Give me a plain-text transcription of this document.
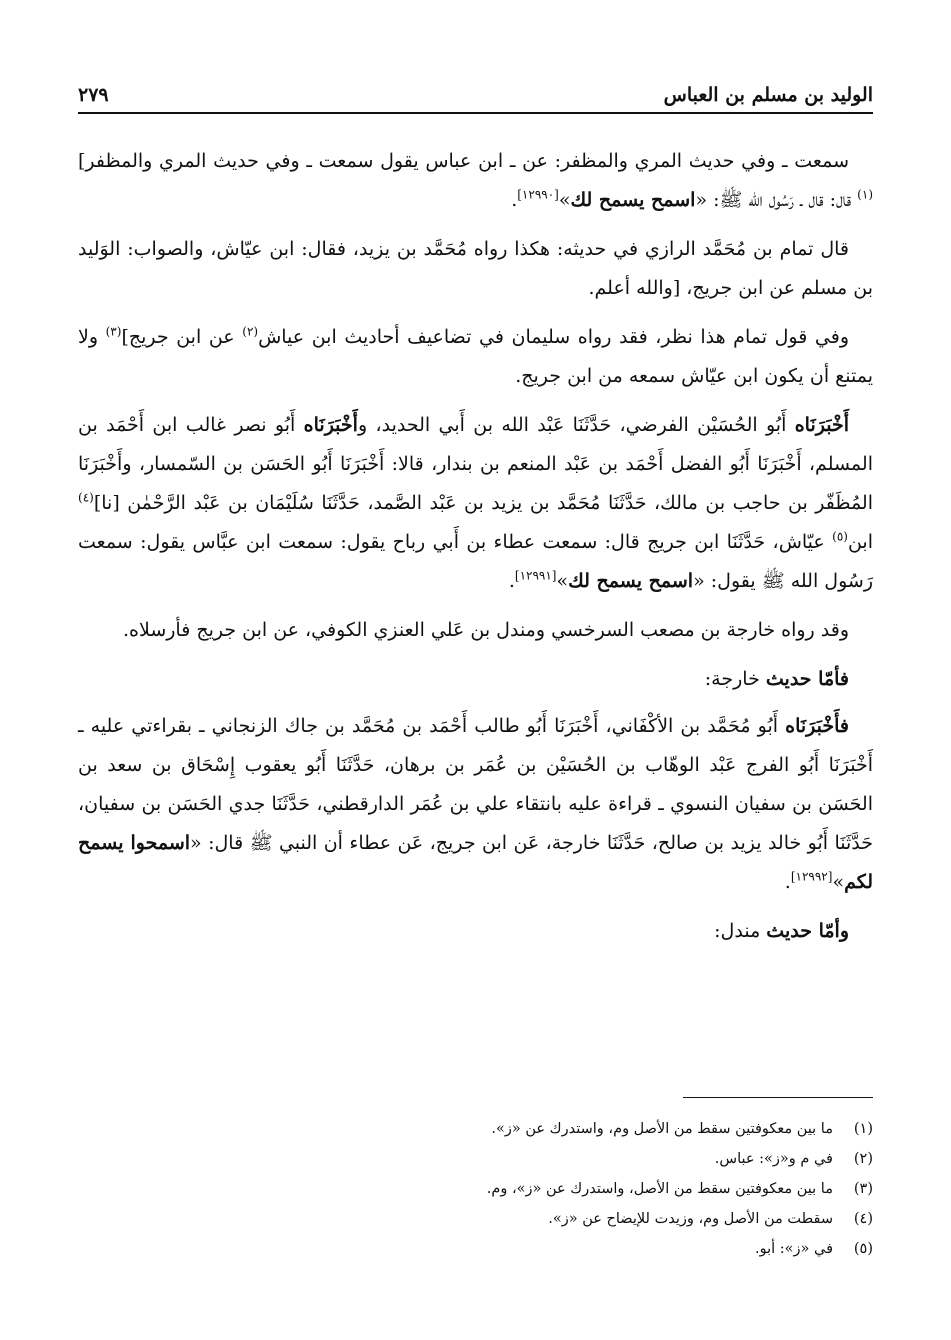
الوليد بن مسلم بن العباس
٢٧٩

سمعت ـ وفي حديث المري والمظفر: عن ـ ابن عباس يقول سمعت ـ وفي حديث المري والمظفر]$^{(١)}$ قال: قال ـ رَسُول الله ﷺ: «اسمح يسمح لك»[١٢٩٩٠].

قال تمام بن مُحَمَّد الرازي في حديثه: هكذا رواه مُحَمَّد بن يزيد، فقال: ابن عيّاش، والصواب: الوَليد بن مسلم عن ابن جريج، [والله أعلم.

وفي قول تمام هذا نظر، فقد رواه سليمان في تضاعيف أحاديث ابن عياش$^{(٢)}$ عن ابن جريج]$^{(٣)}$ ولا يمتنع أن يكون ابن عيّاش سمعه من ابن جريج.

أَخْبَرَنَاه أَبُو الحُسَيْن الفرضي، حَدَّثَنَا عَبْد الله بن أَبي الحديد، وأَخْبَرَنَاه أَبُو نصر غالب ابن أَحْمَد بن المسلم، أَخْبَرَنَا أَبُو الفضل أَحْمَد بن عَبْد المنعم بن بندار، قالا: أَخْبَرَنَا أَبُو الحَسَن بن السّمسار، وأَخْبَرَنَا المُظَفّر بن حاجب بن مالك، حَدَّثَنَا مُحَمَّد بن يزيد بن عَبْد الصَّمد، حَدَّثَنَا سُلَيْمَان بن عَبْد الرَّحْمٰن [نا]$^{(٤)}$ ابن$^{(٥)}$ عيّاش، حَدَّثَنَا ابن جريج قال: سمعت عطاء بن أَبي رباح يقول: سمعت ابن عبَّاس يقول: سمعت رَسُول الله ﷺ يقول: «اسمح يسمح لك»[١٢٩٩١].

وقد رواه خارجة بن مصعب السرخسي ومندل بن عَلي العنزي الكوفي، عن ابن جريج فأرسلاه.

فأمّا حديث خارجة:

فأَخْبَرَنَاه أَبُو مُحَمَّد بن الأكْفَاني، أَخْبَرَنَا أَبُو طالب أَحْمَد بن مُحَمَّد بن جاك الزنجاني ـ بقراءتي عليه ـ أَخْبَرَنَا أَبُو الفرج عَبْد الوهّاب بن الحُسَيْن بن عُمَر بن برهان، حَدَّثَنَا أَبُو يعقوب إِسْحَاق بن سعد بن الحَسَن بن سفيان النسوي ـ قراءة عليه بانتقاء علي بن عُمَر الدارقطني، حَدَّثَنَا جدي الحَسَن بن سفيان، حَدَّثَنَا أَبُو خالد يزيد بن صالح، حَدَّثَنَا خارجة، عَن ابن جريج، عَن عطاء أن النبي ﷺ قال: «اسمحوا يسمح لكم»[١٢٩٩٢].

وأمّا حديث مندل:
(١)
ما بين معكوفتين سقط من الأصل وم، واستدرك عن «ز».
(٢)
في م و«ز»: عباس.
(٣)
ما بين معكوفتين سقط من الأصل، واستدرك عن «ز»، وم.
(٤)
سقطت من الأصل وم، وزيدت للإيضاح عن «ز».
(٥)
في «ز»: أبو.
